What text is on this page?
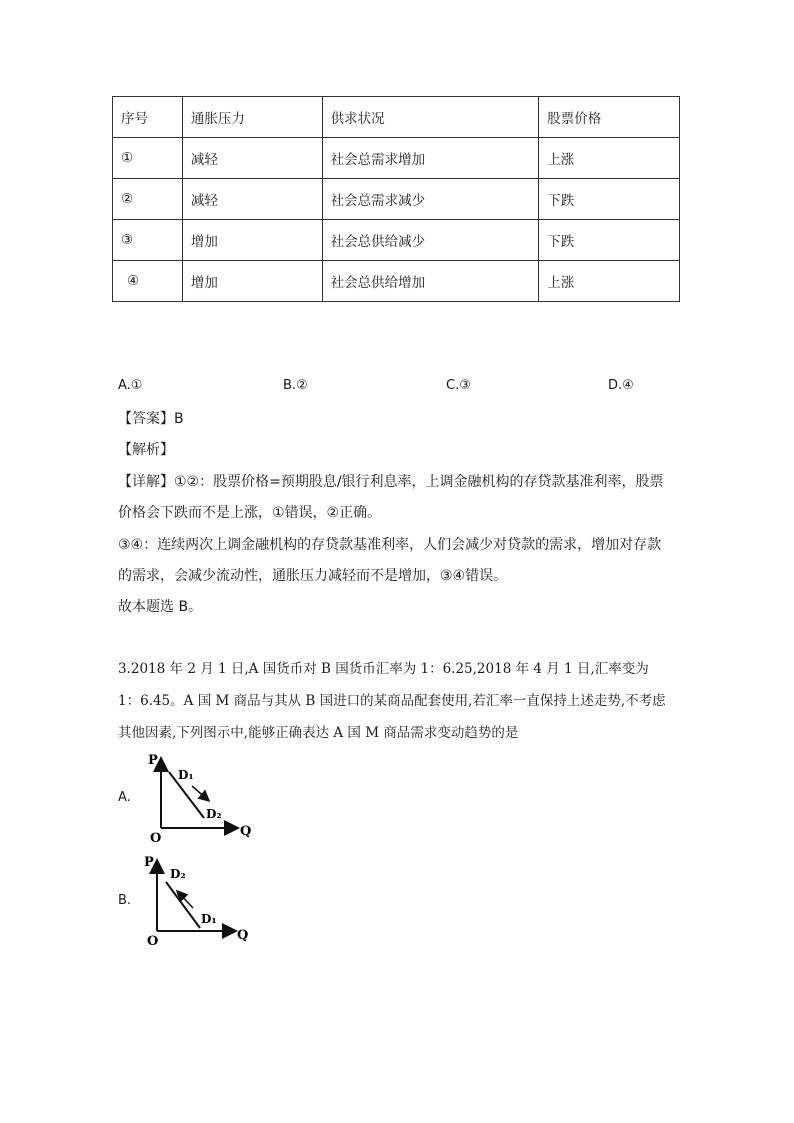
序号	通胀压力	供求状况	股票价格
①	减轻	社会总需求增加	上涨
②	减轻	社会总需求减少	下跌
③	增加	社会总供给减少	下跌
④	增加	社会总供给增加	上涨
A.①	B.②	C.③	D.④
【答案】B
【解析】
【详解】①②：股票价格=预期股息/银行利息率，上调金融机构的存贷款基准利率，股票
价格会下跌而不是上涨，①错误，②正确。
③④：连续两次上调金融机构的存贷款基准利率，人们会减少对贷款的需求，增加对存款
的需求，会减少流动性，通胀压力减轻而不是增加，③④错误。
故本题选 B。
3.2018 年 2 月 1 日,A 国货币对 B 国货币汇率为 1：6.25,2018 年 4 月 1 日,汇率变为
1：6.45。A 国 M 商品与其从 B 国进口的某商品配套使用,若汇率一直保持上述走势,不考虑
其他因素,下列图示中,能够正确表达 A 国 M 商品需求变动趋势的是
A.
P
Q
O
D₁
D₂
B.
P
Q
O
D₂
D₁
